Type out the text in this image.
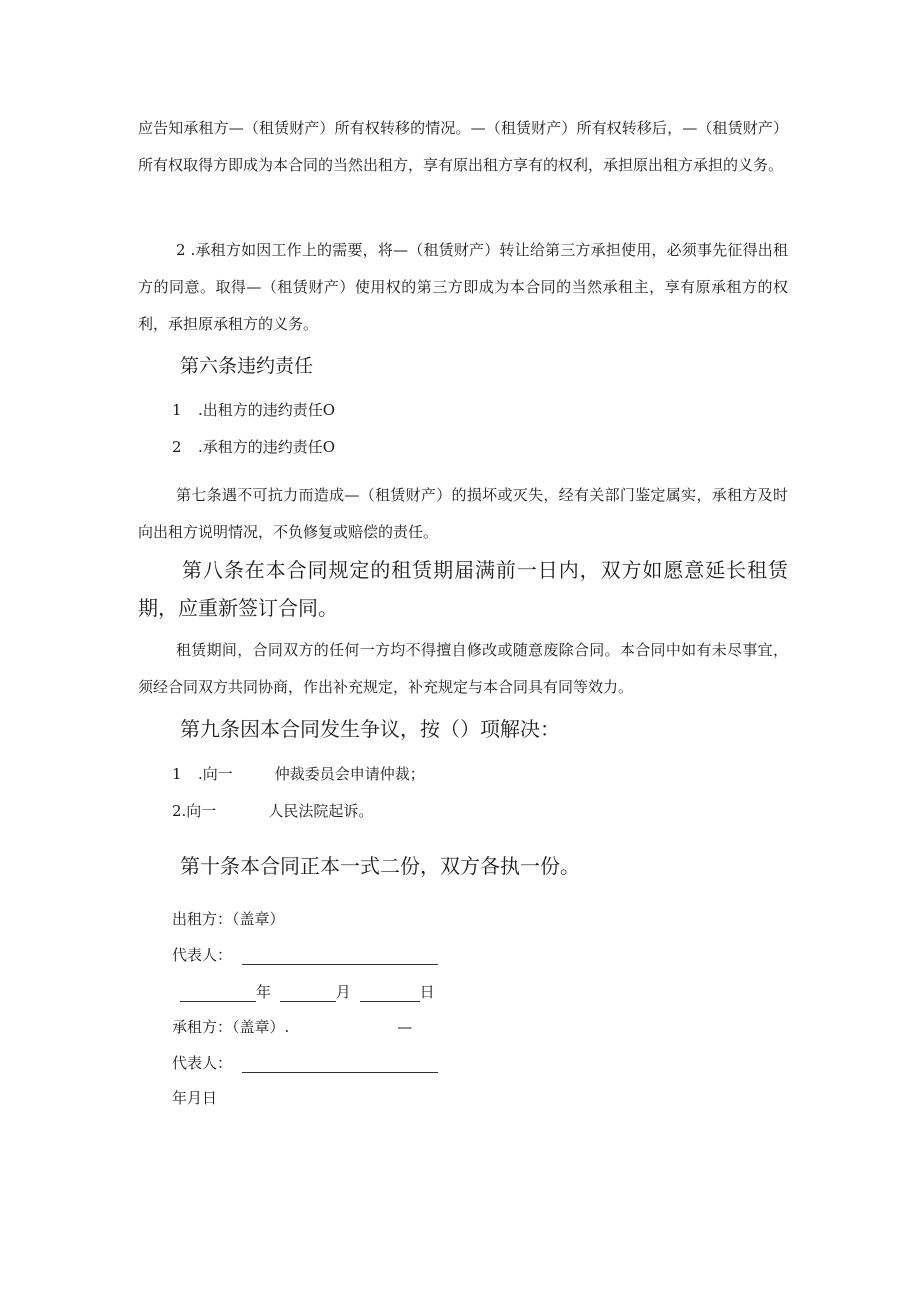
应告知承租方—（租赁财产）所有权转移的情况。—（租赁财产）所有权转移后，—（租赁财产）所有权取得方即成为本合同的当然出租方，享有原出租方享有的权利，承担原出租方承担的义务。

2 .承租方如因工作上的需要，将—（租赁财产）转让给第三方承担使用，必须事先征得出租方的同意。取得—（租赁财产）使用权的第三方即成为本合同的当然承租主，享有原承租方的权利，承担原承租方的义务。

第六条违约责任

1 .出租方的违约责任O

2 .承租方的违约责任O

第七条遇不可抗力而造成—（租赁财产）的损坏或灭失，经有关部门鉴定属实，承租方及时向出租方说明情况，不负修复或赔偿的责任。

第八条在本合同规定的租赁期届满前一日内，双方如愿意延长租赁期，应重新签订合同。

租赁期间，合同双方的任何一方均不得擅自修改或随意废除合同。本合同中如有未尽事宜，须经合同双方共同协商，作出补充规定，补充规定与本合同具有同等效力。

第九条因本合同发生争议，按（）项解决：

1 .向一	仲裁委员会申请仲裁；

2.向一	人民法院起诉。

第十条本合同正本一式二份，双方各执一份。

出租方：（盖章）

代表人：

年	月	日

承租方：（盖章）.	—

代表人：

年月日
